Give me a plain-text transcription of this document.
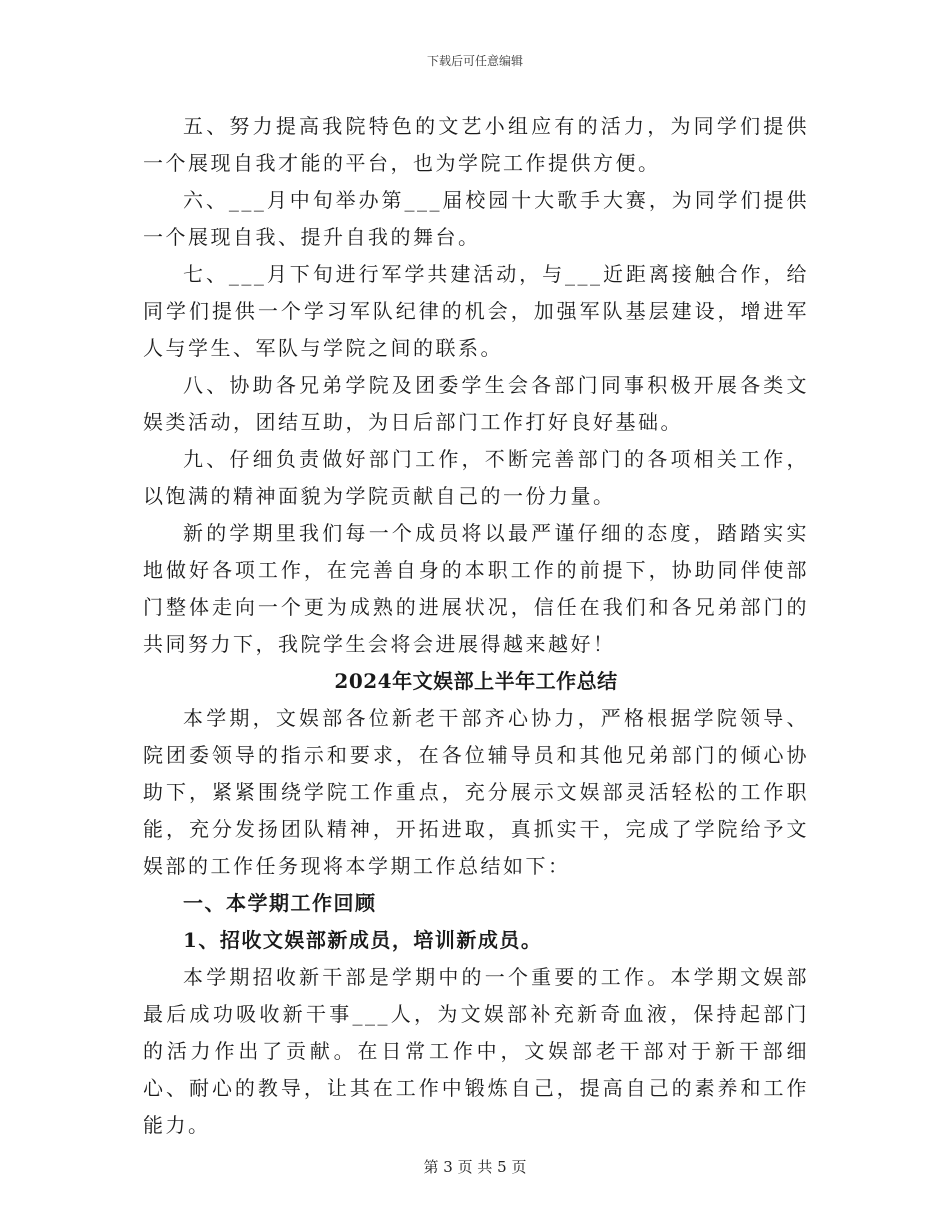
下载后可任意编辑

五、努力提高我院特色的文艺小组应有的活力，为同学们提供一个展现自我才能的平台，也为学院工作提供方便。

六、___月中旬举办第___届校园十大歌手大赛，为同学们提供一个展现自我、提升自我的舞台。

七、___月下旬进行军学共建活动，与___近距离接触合作，给同学们提供一个学习军队纪律的机会，加强军队基层建设，增进军人与学生、军队与学院之间的联系。

八、协助各兄弟学院及团委学生会各部门同事积极开展各类文娱类活动，团结互助，为日后部门工作打好良好基础。

九、仔细负责做好部门工作，不断完善部门的各项相关工作，以饱满的精神面貌为学院贡献自己的一份力量。

新的学期里我们每一个成员将以最严谨仔细的态度，踏踏实实地做好各项工作，在完善自身的本职工作的前提下，协助同伴使部门整体走向一个更为成熟的进展状况，信任在我们和各兄弟部门的共同努力下，我院学生会将会进展得越来越好！

2024年文娱部上半年工作总结

本学期，文娱部各位新老干部齐心协力，严格根据学院领导、院团委领导的指示和要求，在各位辅导员和其他兄弟部门的倾心协助下，紧紧围绕学院工作重点，充分展示文娱部灵活轻松的工作职能，充分发扬团队精神，开拓进取，真抓实干，完成了学院给予文娱部的工作任务现将本学期工作总结如下：

一、本学期工作回顾

1、招收文娱部新成员，培训新成员。

本学期招收新干部是学期中的一个重要的工作。本学期文娱部最后成功吸收新干事___人，为文娱部补充新奇血液，保持起部门的活力作出了贡献。在日常工作中，文娱部老干部对于新干部细心、耐心的教导，让其在工作中锻炼自己，提高自己的素养和工作能力。

第 3 页 共 5 页
